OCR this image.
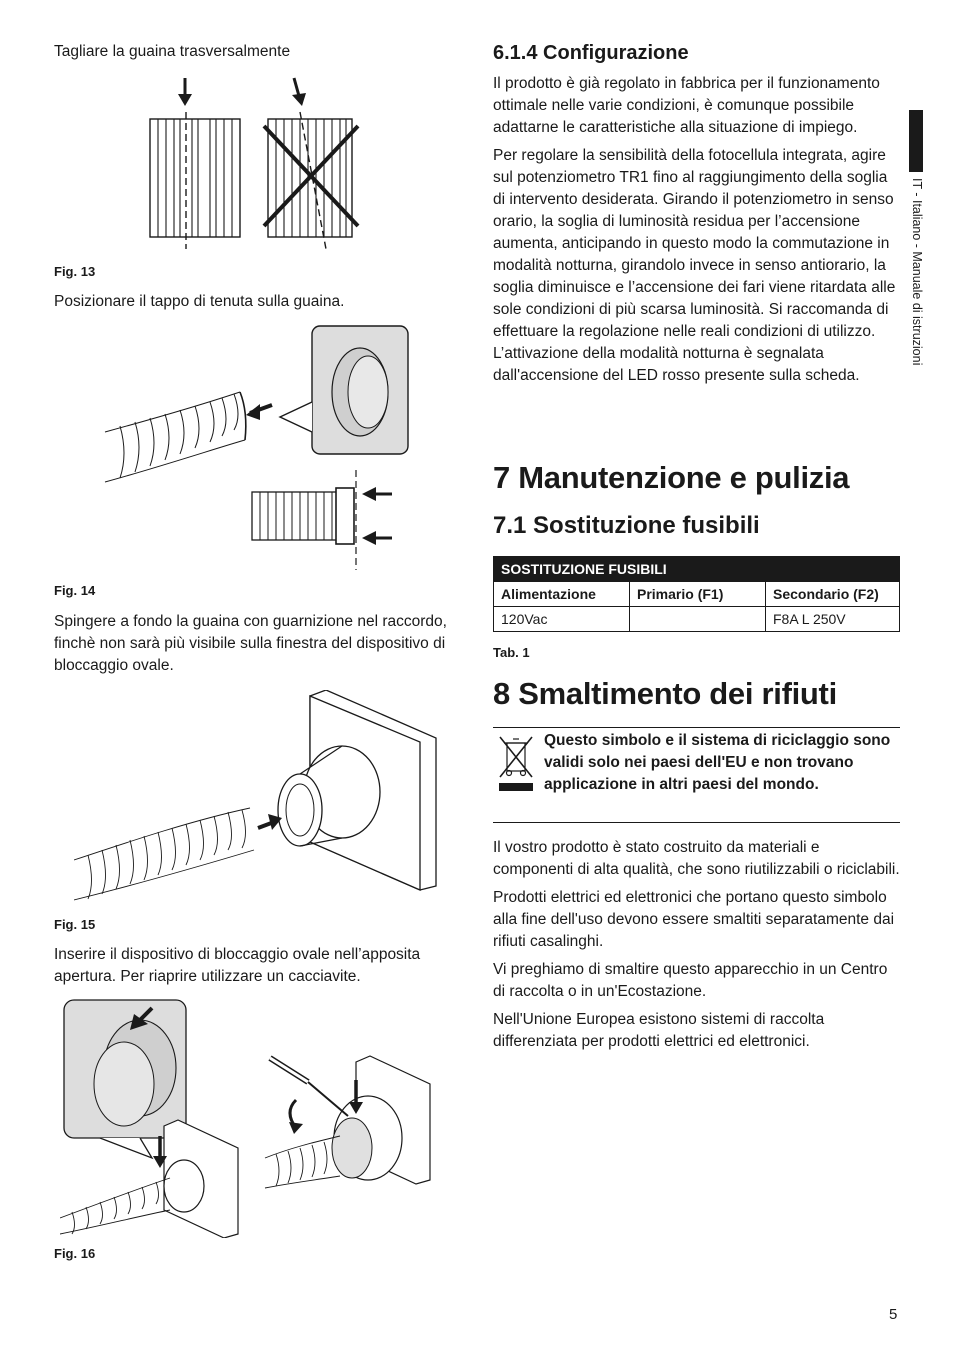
Tagliare la guaina trasversalmente

Fig. 13

Posizionare il tappo di tenuta sulla guaina.

Fig. 14

Spingere a fondo la guaina con guarnizione nel raccordo, finchè non sarà più visibile sulla finestra del dispositivo di bloccaggio ovale.

Fig. 15

Inserire il dispositivo di bloccaggio ovale nell’apposita apertura. Per riaprire utilizzare un cacciavite.

Fig. 16

6.1.4 Configurazione

Il prodotto è già regolato in fabbrica per il funzionamento ottimale nelle varie condizioni, è comunque possibile adattarne le caratteristiche alla situazione di impiego.

Per regolare la sensibilità della fotocellula integrata, agire sul potenziometro TR1 fino al raggiungimento della soglia di intervento desiderata. Girando il potenziometro in senso orario, la soglia di luminosità residua per l’accensione aumenta, anticipando in questo modo la commutazione in modalità notturna, girandolo invece in senso antiorario, la soglia diminuisce e l’accensione dei fari viene ritardata alle sole condizioni di più scarsa luminosità. Si raccomanda di effettuare la regolazione nelle reali condizioni di utilizzo. L’attivazione della modalità notturna è segnalata dall'accensione del LED rosso presente sulla scheda.

7 Manutenzione e pulizia
7.1 Sostituzione fusibili
SOSTITUZIONE FUSIBILI		
Alimentazione	Primario (F1)	Secondario (F2)
120Vac		F8A L 250V

Tab. 1

8 Smaltimento dei rifiuti

Questo simbolo e il sistema di riciclaggio sono validi solo nei paesi dell'EU e non trovano applicazione in altri paesi del mondo.

Il vostro prodotto è stato costruito da materiali e componenti di alta qualità, che sono riutilizzabili o riciclabili.

Prodotti elettrici ed elettronici che portano questo simbolo alla fine dell'uso devono essere smaltiti separatamente dai rifiuti casalinghi.

Vi preghiamo di smaltire questo apparecchio in un Centro di raccolta o in un'Ecostazione.

Nell'Unione Europea esistono sistemi di raccolta differenziata per prodotti elettrici ed elettronici.

IT - Italiano - Manuale di istruzioni

5
